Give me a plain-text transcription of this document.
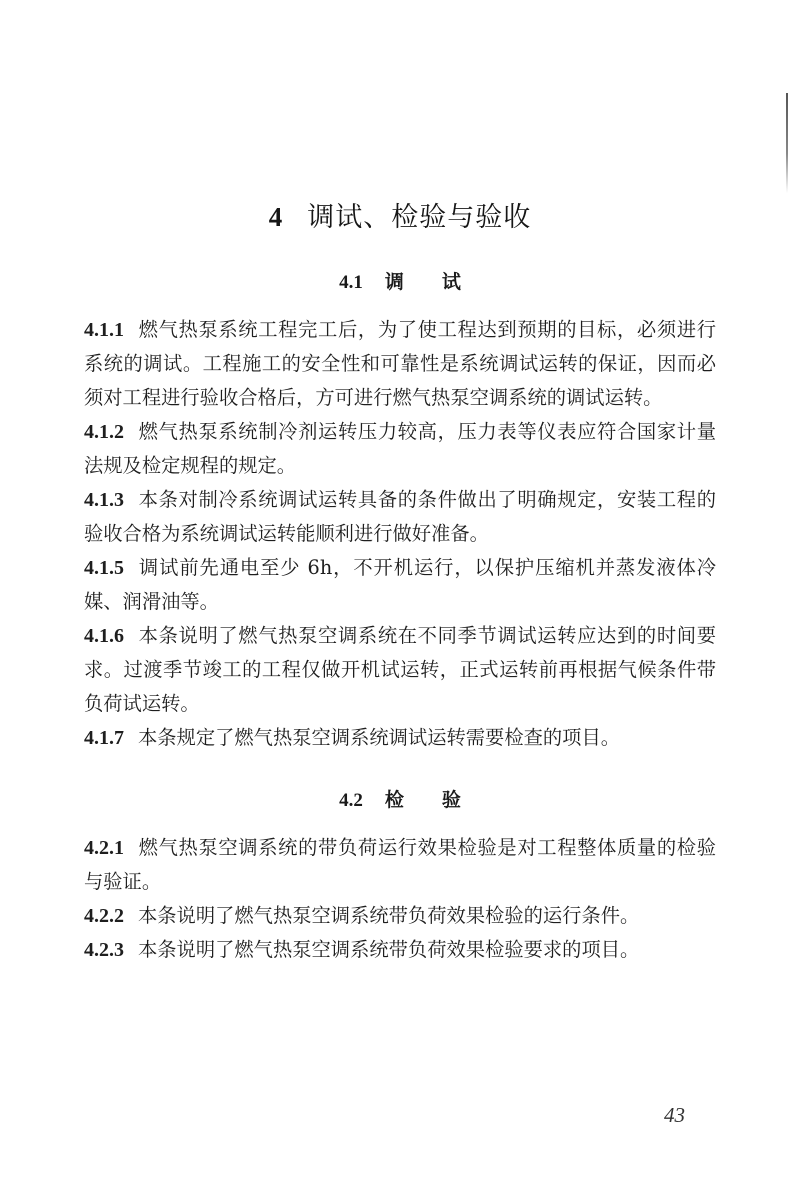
4 调试、检验与验收
4.1 调 试

4.1.1 燃气热泵系统工程完工后，为了使工程达到预期的目标，必须进行系统的调试。工程施工的安全性和可靠性是系统调试运转的保证，因而必须对工程进行验收合格后，方可进行燃气热泵空调系统的调试运转。

4.1.2 燃气热泵系统制冷剂运转压力较高，压力表等仪表应符合国家计量法规及检定规程的规定。

4.1.3 本条对制冷系统调试运转具备的条件做出了明确规定，安装工程的验收合格为系统调试运转能顺利进行做好准备。

4.1.5 调试前先通电至少 6h，不开机运行，以保护压缩机并蒸发液体冷媒、润滑油等。

4.1.6 本条说明了燃气热泵空调系统在不同季节调试运转应达到的时间要求。过渡季节竣工的工程仅做开机试运转，正式运转前再根据气候条件带负荷试运转。

4.1.7 本条规定了燃气热泵空调系统调试运转需要检查的项目。

4.2 检 验

4.2.1 燃气热泵空调系统的带负荷运行效果检验是对工程整体质量的检验与验证。

4.2.2 本条说明了燃气热泵空调系统带负荷效果检验的运行条件。

4.2.3 本条说明了燃气热泵空调系统带负荷效果检验要求的项目。

43
